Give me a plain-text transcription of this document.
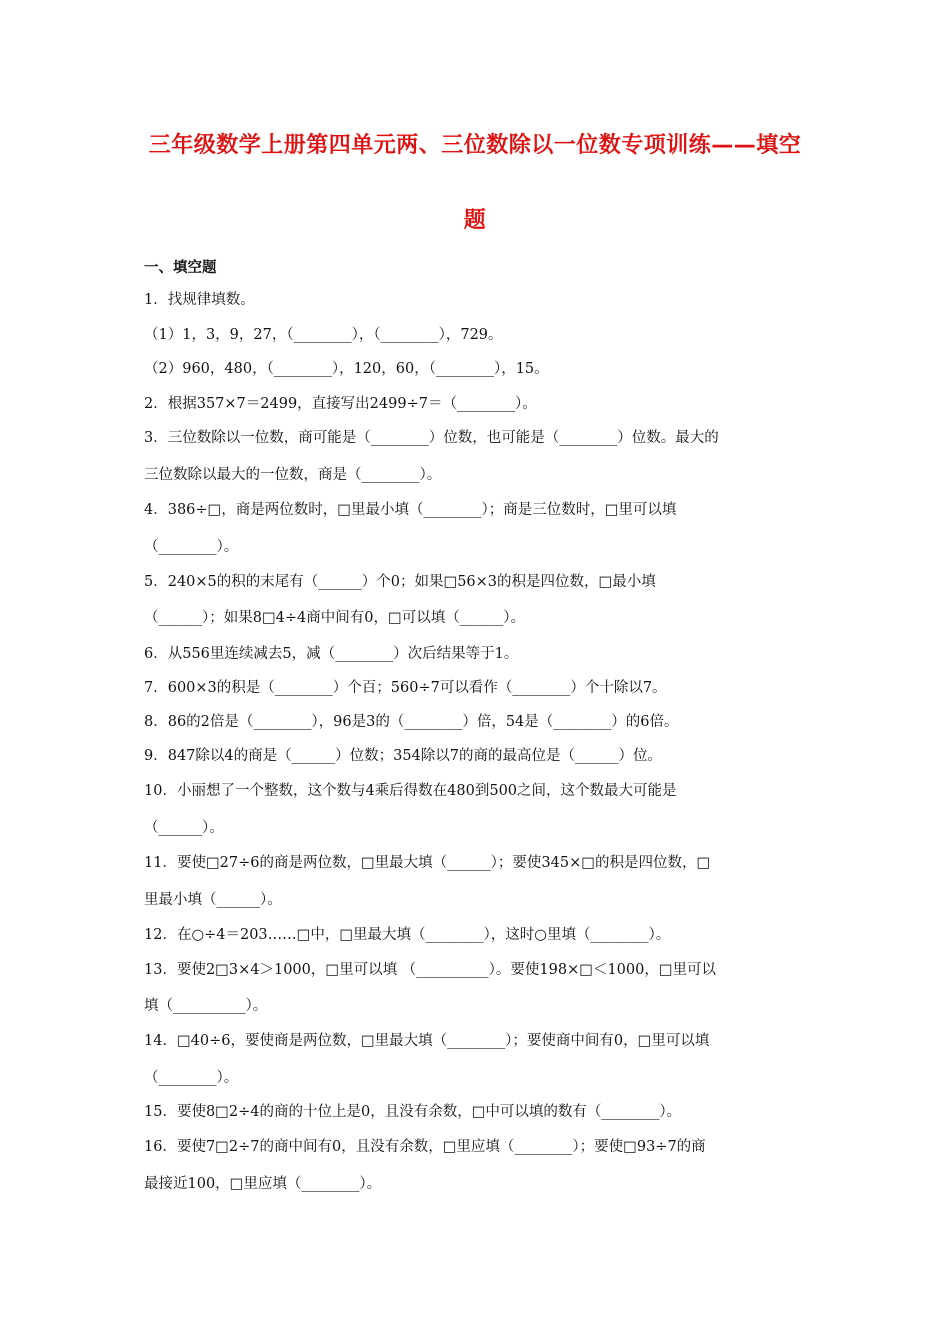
三年级数学上册第四单元两、三位数除以一位数专项训练——填空
题
一、填空题
1．找规律填数。
（1）1，3，9，27，（________），（________），729。
（2）960，480，（________），120，60，（________），15。
2．根据357×7＝2499，直接写出2499÷7＝（________）。
3．三位数除以一位数，商可能是（________）位数，也可能是（________）位数。最大的
三位数除以最大的一位数，商是（________）。
4．386÷□，商是两位数时，□里最小填（________）；商是三位数时，□里可以填
（________）。
5．240×5的积的末尾有（______）个0；如果□56×3的积是四位数，□最小填
（______）；如果8□4÷4商中间有0，□可以填（______）。
6．从556里连续减去5，减（________）次后结果等于1。
7．600×3的积是（________）个百；560÷7可以看作（________）个十除以7。
8．86的2倍是（________），96是3的（________）倍，54是（________）的6倍。
9．847除以4的商是（______）位数；354除以7的商的最高位是（______）位。
10．小丽想了一个整数，这个数与4乘后得数在480到500之间，这个数最大可能是
（______）。
11．要使□27÷6的商是两位数，□里最大填（______）；要使345×□的积是四位数，□
里最小填（______）。
12．在○÷4＝203……□中，□里最大填（________），这时○里填（________）。
13．要使2□3×4＞1000，□里可以填 （__________）。要使198×□＜1000，□里可以
填（__________）。
14．□40÷6，要使商是两位数，□里最大填（________）；要使商中间有0，□里可以填
（________）。
15．要使8□2÷4的商的十位上是0，且没有余数，□中可以填的数有（________）。
16．要使7□2÷7的商中间有0，且没有余数，□里应填（________）；要使□93÷7的商
最接近100，□里应填（________）。
